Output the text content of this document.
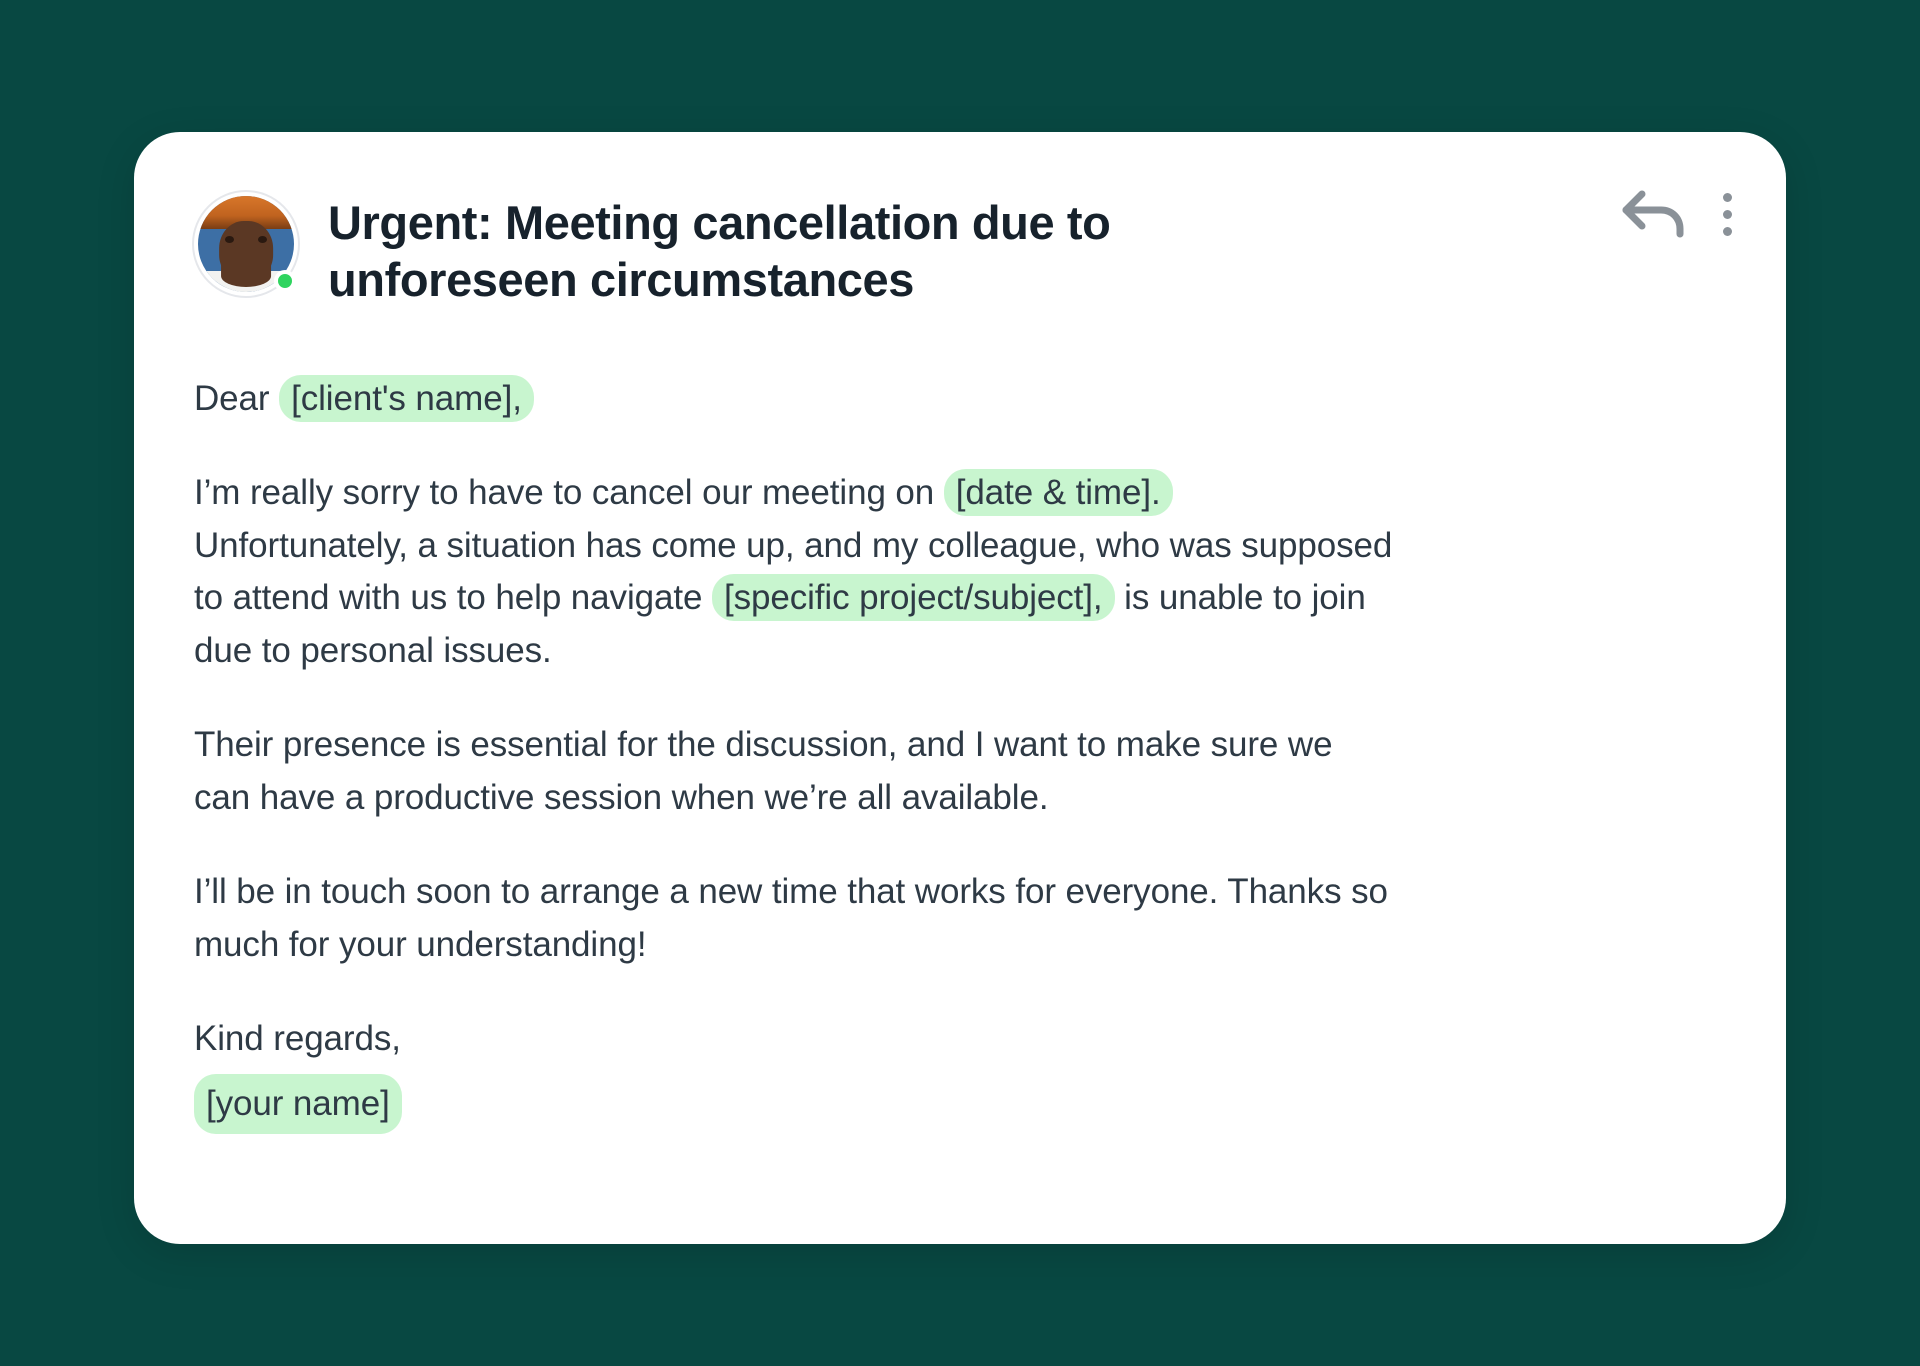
Urgent: Meeting cancellation due to unforeseen circumstances

Dear [client's name],

I’m really sorry to have to cancel our meeting on [date & time]. Unfortunately, a situation has come up, and my colleague, who was supposed to attend with us to help navigate [specific project/subject], is unable to join due to personal issues.

Their presence is essential for the discussion, and I want to make sure we can have a productive session when we’re all available.

I’ll be in touch soon to arrange a new time that works for everyone. Thanks so much for your understanding!

Kind regards,
[your name]
